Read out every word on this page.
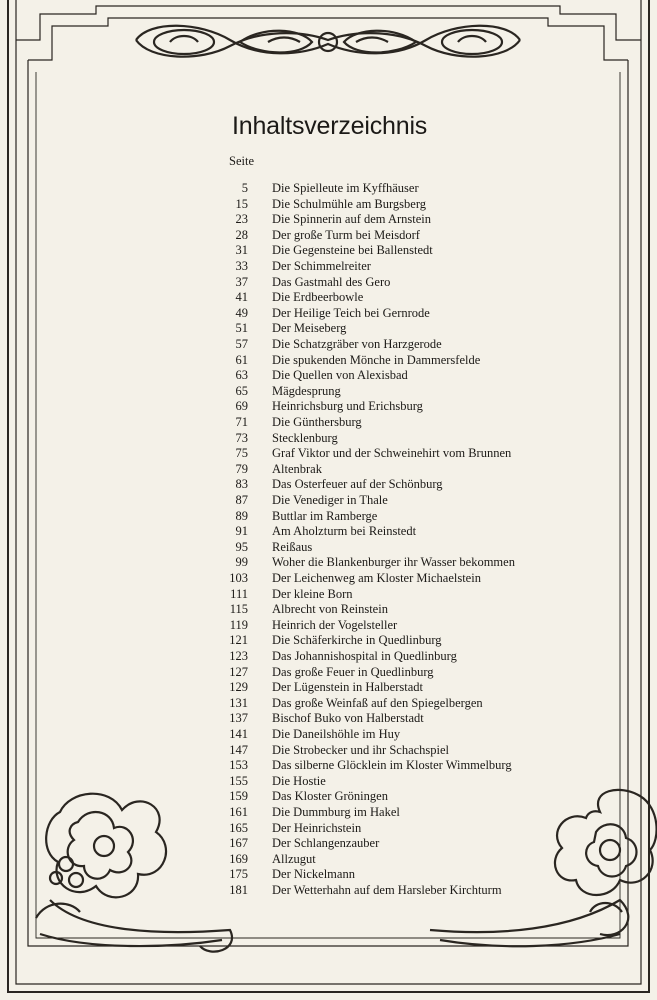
Inhaltsverzeichnis
Seite
5 Die Spielleute im Kyffhäuser
15 Die Schulmühle am Burgsberg
23 Die Spinnerin auf dem Arnstein
28 Der große Turm bei Meisdorf
31 Die Gegensteine bei Ballenstedt
33 Der Schimmelreiter
37 Das Gastmahl des Gero
41 Die Erdbeerbowle
49 Der Heilige Teich bei Gernrode
51 Der Meiseberg
57 Die Schatzgräber von Harzgerode
61 Die spukenden Mönche in Dammersfelde
63 Die Quellen von Alexisbad
65 Mägdesprung
69 Heinrichsburg und Erichsburg
71 Die Günthersburg
73 Stecklenburg
75 Graf Viktor und der Schweinehirt vom Brunnen
79 Altenbrak
83 Das Osterfeuer auf der Schönburg
87 Die Venediger in Thale
89 Buttlar im Ramberge
91 Am Aholzturm bei Reinstedt
95 Reißaus
99 Woher die Blankenburger ihr Wasser bekommen
103 Der Leichenweg am Kloster Michaelstein
111 Der kleine Born
115 Albrecht von Reinstein
119 Heinrich der Vogelsteller
121 Die Schäferkirche in Quedlinburg
123 Das Johannishospital in Quedlinburg
127 Das große Feuer in Quedlinburg
129 Der Lügenstein in Halberstadt
131 Das große Weinfaß auf den Spiegelbergen
137 Bischof Buko von Halberstadt
141 Die Daneilshöhle im Huy
147 Die Strobecker und ihr Schachspiel
153 Das silberne Glöcklein im Kloster Wimmelburg
155 Die Hostie
159 Das Kloster Gröningen
161 Die Dummburg im Hakel
165 Der Heinrichstein
167 Der Schlangenzauber
169 Allzugut
175 Der Nickelmann
181 Der Wetterhahn auf dem Harsleber Kirchturm
